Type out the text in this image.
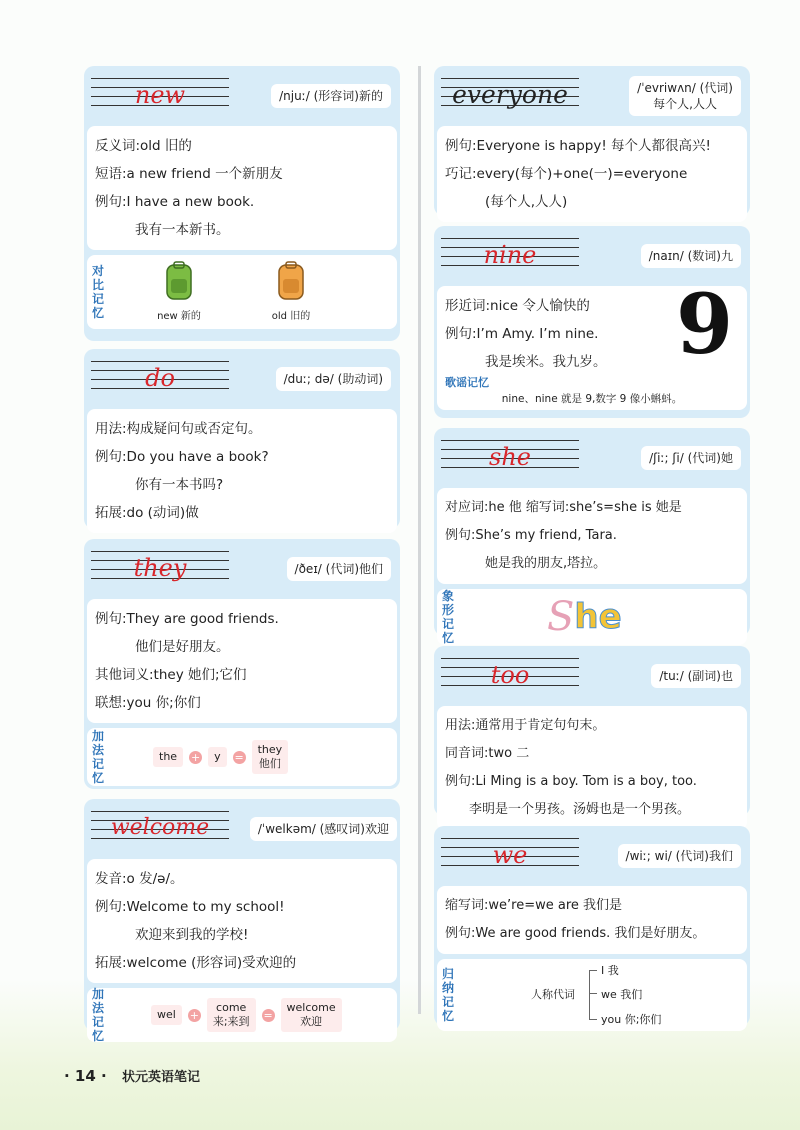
new	/njuː/ (形容词)新的
反义词:old 旧的
短语:a new friend 一个新朋友
例句:I have a new book.
我有一本新书。
对比记忆	new 新的	old 旧的
do	/duː; də/ (助动词)
用法:构成疑问句或否定句。
例句:Do you have a book?
你有一本书吗?
拓展:do (动词)做
they	/ðeɪ/ (代词)他们
例句:They are good friends.
他们是好朋友。
其他词义:they 她们;它们
联想:you 你;你们
加法记忆
the	+	y	=
they
他们
welcome	/ˈwelkəm/ (感叹词)欢迎
发音:o 发/ə/。
例句:Welcome to my school!
欢迎来到我的学校!
拓展:welcome (形容词)受欢迎的
加法记忆
wel	+
come
来;来到 =
welcome
欢迎
everyone	/ˈevriwʌn/ (代词)
每个人,人人
例句:Everyone is happy! 每个人都很高兴!
巧记:every(每个)+one(一)=everyone
(每个人,人人)
nine	/naɪn/ (数词)九
形近词:nice 令人愉快的
例句:I’m Amy. I’m nine.
我是埃米。我九岁。
歌谣记忆
nine、nine 就是 9,数字 9 像小蝌蚪。
9
she	/ʃiː; ʃi/ (代词)她
对应词:he 他 缩写词:she’s=she is 她是
例句:She’s my friend, Tara.
她是我的朋友,塔拉。
象形记忆 S he
too	/tuː/ (副词)也
用法:通常用于肯定句句末。
同音词:two 二
例句:Li Ming is a boy. Tom is a boy, too.
李明是一个男孩。汤姆也是一个男孩。
we	/wiː; wi/ (代词)我们
缩写词:we’re=we are 我们是
例句:We are good friends. 我们是好朋友。
归纳记忆
人称代词
I 我
we 我们
you 你;你们
· 14 · 状元英语笔记
